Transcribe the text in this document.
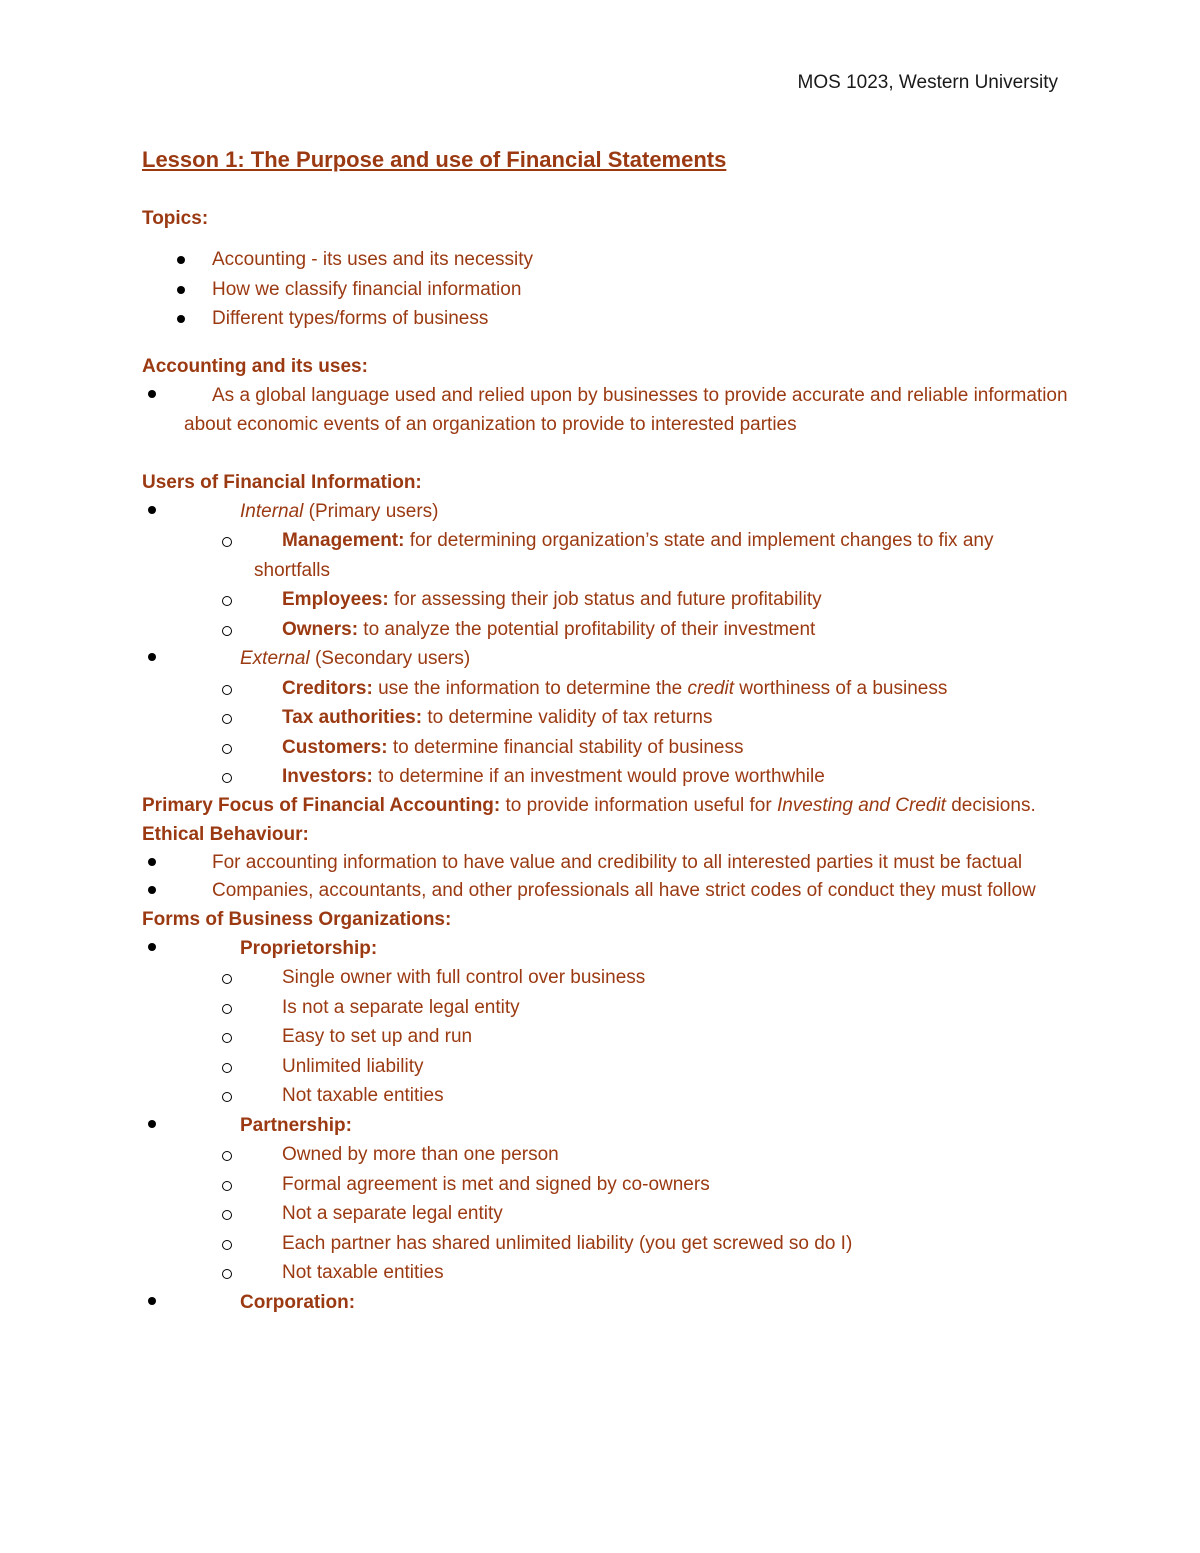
MOS 1023, Western University
Lesson 1: The Purpose and use of Financial Statements
Topics:
Accounting - its uses and its necessity
How we classify financial information
Different types/forms of business
Accounting and its uses:
As a global language used and relied upon by businesses to provide accurate and reliable information about economic events of an organization to provide to interested parties
Users of Financial Information:
Internal (Primary users)
Management: for determining organization’s state and implement changes to fix any shortfalls
Employees: for assessing their job status and future profitability
Owners: to analyze the potential profitability of their investment
External (Secondary users)
Creditors: use the information to determine the credit worthiness of a business
Tax authorities: to determine validity of tax returns
Customers: to determine financial stability of business
Investors: to determine if an investment would prove worthwhile

Primary Focus of Financial Accounting: to provide information useful for Investing and Credit decisions.

Ethical Behaviour:
For accounting information to have value and credibility to all interested parties it must be factual
Companies, accountants, and other professionals all have strict codes of conduct they must follow
Forms of Business Organizations:
Proprietorship:
Single owner with full control over business
Is not a separate legal entity
Easy to set up and run
Unlimited liability
Not taxable entities
Partnership:
Owned by more than one person
Formal agreement is met and signed by co-owners
Not a separate legal entity
Each partner has shared unlimited liability (you get screwed so do I)
Not taxable entities
Corporation:
